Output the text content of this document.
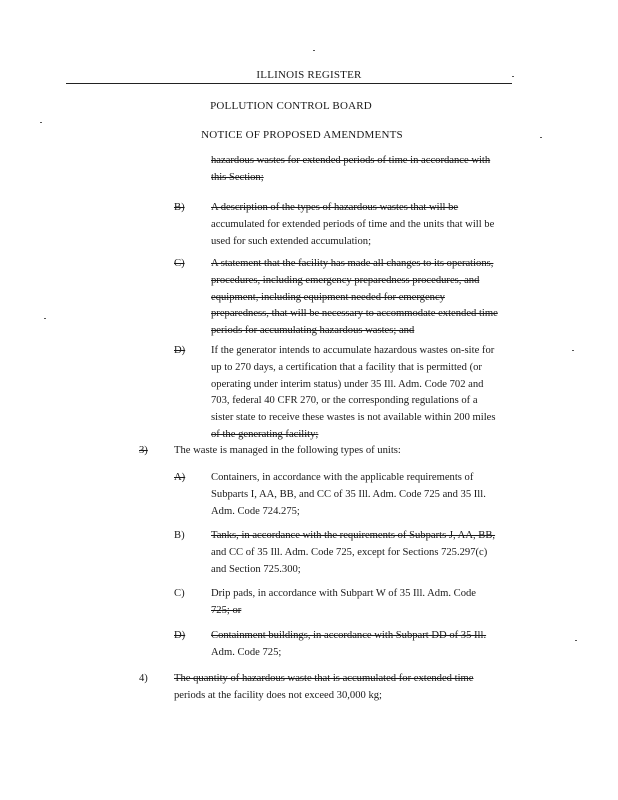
ILLINOIS REGISTER
POLLUTION CONTROL BOARD
NOTICE OF PROPOSED AMENDMENTS
hazardous wastes for extended periods of time in accordance with
this Section;
B) A description of the types of hazardous wastes that will be
accumulated for extended periods of time and the units that will be
used for such extended accumulation;
C) A statement that the facility has made all changes to its operations,
procedures, including emergency preparedness procedures, and
equipment, including equipment needed for emergency
preparedness, that will be necessary to accommodate extended time
periods for accumulating hazardous wastes; and
D) If the generator intends to accumulate hazardous wastes on-site for
up to 270 days, a certification that a facility that is permitted (or
operating under interim status) under 35 Ill. Adm. Code 702 and
703, federal 40 CFR 270, or the corresponding regulations of a
sister state to receive these wastes is not available within 200 miles
of the generating facility;
3) The waste is managed in the following types of units:
A) Containers, in accordance with the applicable requirements of
Subparts I, AA, BB, and CC of 35 Ill. Adm. Code 725 and 35 Ill.
Adm. Code 724.275;
B) Tanks, in accordance with the requirements of Subparts J, AA, BB,
and CC of 35 Ill. Adm. Code 725, except for Sections 725.297(c)
and Section 725.300;
C) Drip pads, in accordance with Subpart W of 35 Ill. Adm. Code
725; or
D) Containment buildings, in accordance with Subpart DD of 35 Ill.
Adm. Code 725;
4) The quantity of hazardous waste that is accumulated for extended time
periods at the facility does not exceed 30,000 kg;
